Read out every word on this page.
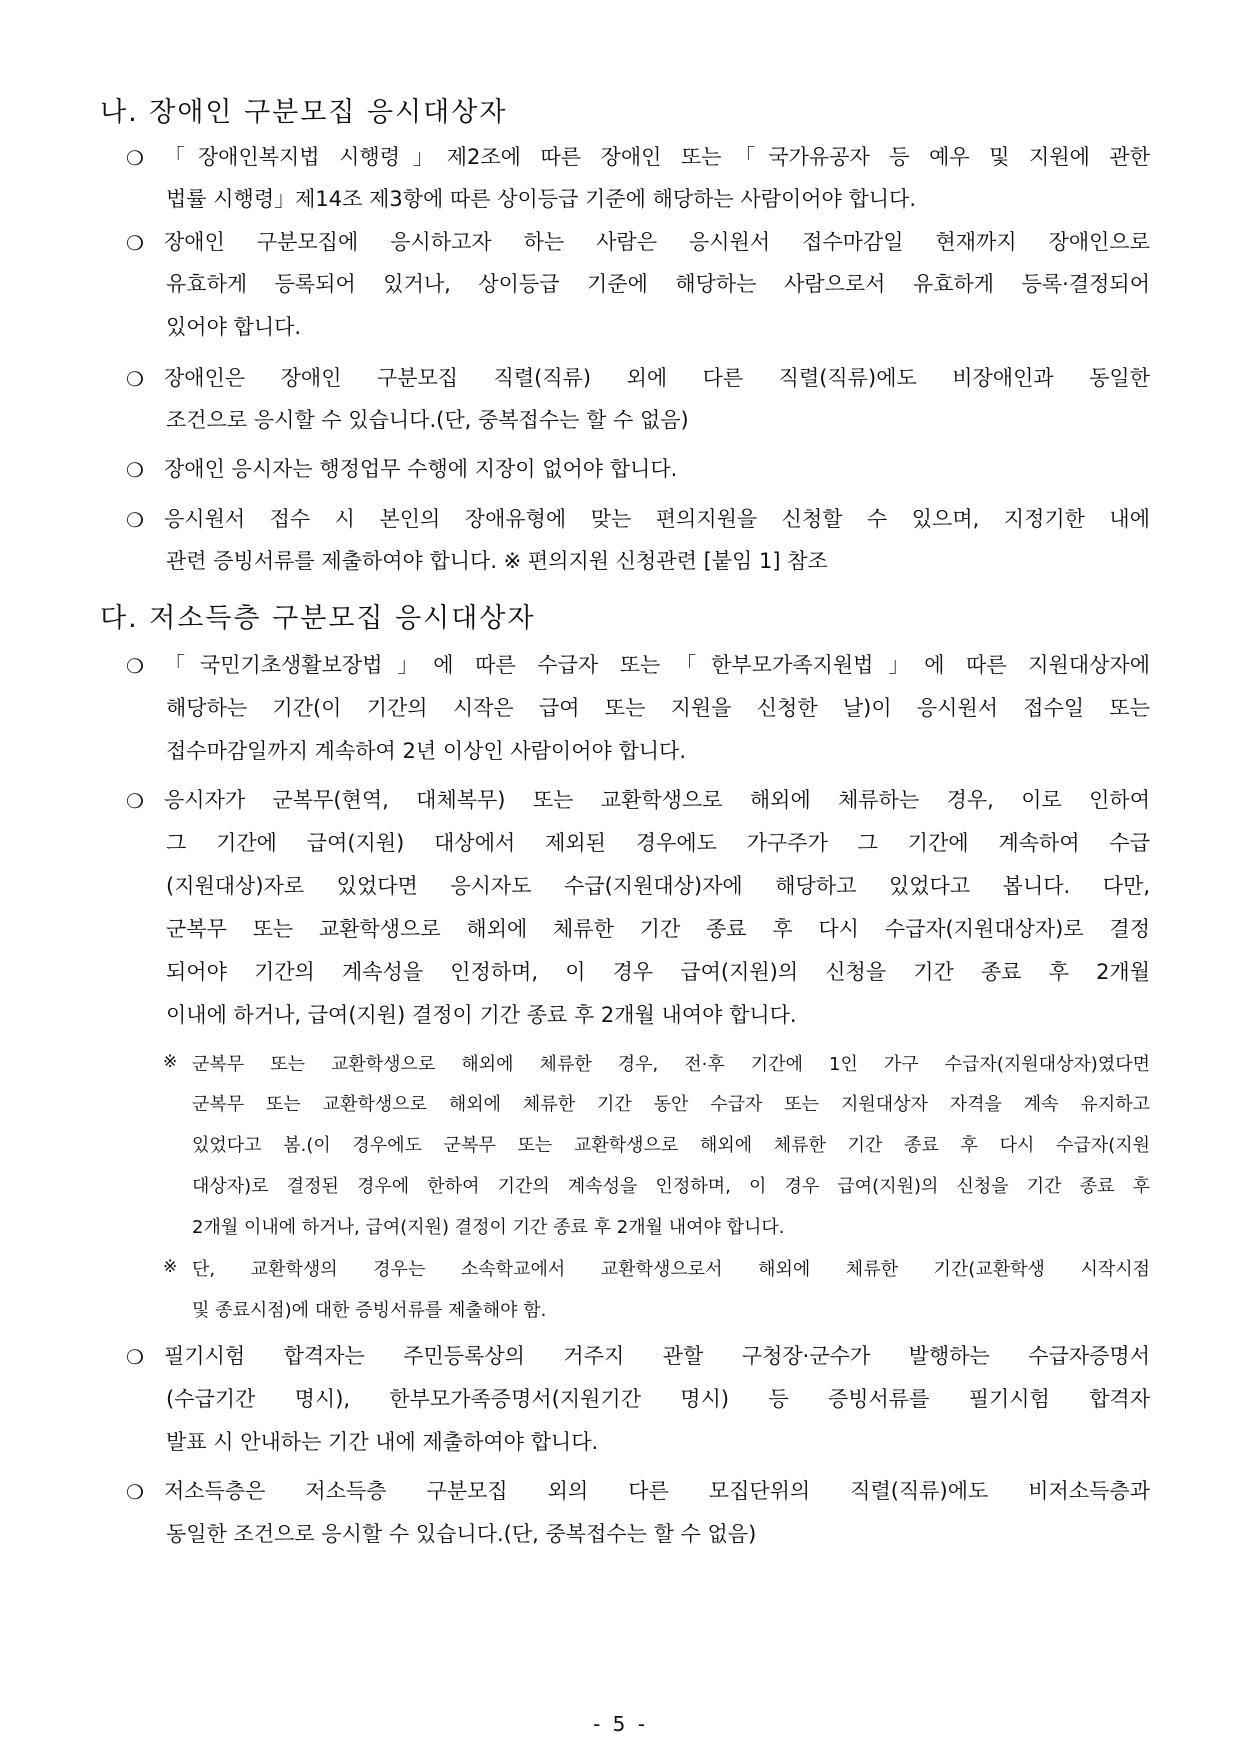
나. 장애인 구분모집 응시대상자
❍ 「장애인복지법 시행령」제2조에 따른 장애인 또는「국가유공자 등 예우 및 지원에 관한
법률 시행령」제14조 제3항에 따른 상이등급 기준에 해당하는 사람이어야 합니다.
❍ 장애인 구분모집에 응시하고자 하는 사람은 응시원서 접수마감일 현재까지 장애인으로
유효하게 등록되어 있거나, 상이등급 기준에 해당하는 사람으로서 유효하게 등록·결정되어
있어야 합니다.
❍ 장애인은 장애인 구분모집 직렬(직류) 외에 다른 직렬(직류)에도 비장애인과 동일한
조건으로 응시할 수 있습니다.(단, 중복접수는 할 수 없음)
❍ 장애인 응시자는 행정업무 수행에 지장이 없어야 합니다.
❍ 응시원서 접수 시 본인의 장애유형에 맞는 편의지원을 신청할 수 있으며, 지정기한 내에
관련 증빙서류를 제출하여야 합니다. ※ 편의지원 신청관련 [붙임 1] 참조
다. 저소득층 구분모집 응시대상자
❍ 「국민기초생활보장법」에 따른 수급자 또는「한부모가족지원법」에 따른 지원대상자에
해당하는 기간(이 기간의 시작은 급여 또는 지원을 신청한 날)이 응시원서 접수일 또는
접수마감일까지 계속하여 2년 이상인 사람이어야 합니다.
❍ 응시자가 군복무(현역, 대체복무) 또는 교환학생으로 해외에 체류하는 경우, 이로 인하여
그 기간에 급여(지원) 대상에서 제외된 경우에도 가구주가 그 기간에 계속하여 수급
(지원대상)자로 있었다면 응시자도 수급(지원대상)자에 해당하고 있었다고 봅니다. 다만,
군복무 또는 교환학생으로 해외에 체류한 기간 종료 후 다시 수급자(지원대상자)로 결정
되어야 기간의 계속성을 인정하며, 이 경우 급여(지원)의 신청을 기간 종료 후 2개월
이내에 하거나, 급여(지원) 결정이 기간 종료 후 2개월 내여야 합니다.
※ 군복무 또는 교환학생으로 해외에 체류한 경우, 전·후 기간에 1인 가구 수급자(지원대상자)였다면
군복무 또는 교환학생으로 해외에 체류한 기간 동안 수급자 또는 지원대상자 자격을 계속 유지하고
있었다고 봄.(이 경우에도 군복무 또는 교환학생으로 해외에 체류한 기간 종료 후 다시 수급자(지원
대상자)로 결정된 경우에 한하여 기간의 계속성을 인정하며, 이 경우 급여(지원)의 신청을 기간 종료 후
2개월 이내에 하거나, 급여(지원) 결정이 기간 종료 후 2개월 내여야 합니다.
※ 단, 교환학생의 경우는 소속학교에서 교환학생으로서 해외에 체류한 기간(교환학생 시작시점
및 종료시점)에 대한 증빙서류를 제출해야 함.
❍ 필기시험 합격자는 주민등록상의 거주지 관할 구청장·군수가 발행하는 수급자증명서
(수급기간 명시), 한부모가족증명서(지원기간 명시) 등 증빙서류를 필기시험 합격자
발표 시 안내하는 기간 내에 제출하여야 합니다.
❍ 저소득층은 저소득층 구분모집 외의 다른 모집단위의 직렬(직류)에도 비저소득층과
동일한 조건으로 응시할 수 있습니다.(단, 중복접수는 할 수 없음)
- 5 -
